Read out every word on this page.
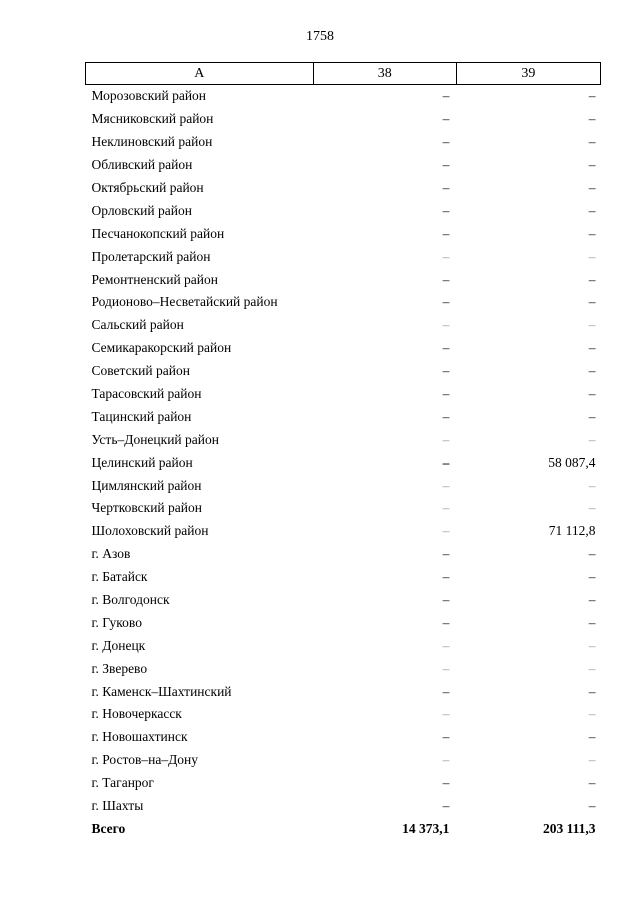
1758
А	38	39
Морозовский район	–	–
Мясниковский район	–	–
Неклиновский район	–	–
Обливский район	–	–
Октябрьский район	–	–
Орловский район	–	–
Песчанокопский район	–	–
Пролетарский район	–	–
Ремонтненский район	–	–
Родионово–Несветайский район	–	–
Сальский район	–	–
Семикаракорский район	–	–
Советский район	–	–
Тарасовский район	–	–
Тацинский район	–	–
Усть–Донецкий район	–	–
Целинский район	–	58 087,4
Цимлянский район	–	–
Чертковский район	–	–
Шолоховский район	–	71 112,8
г. Азов	–	–
г. Батайск	–	–
г. Волгодонск	–	–
г. Гуково	–	–
г. Донецк	–	–
г. Зверево	–	–
г. Каменск–Шахтинский	–	–
г. Новочеркасск	–	–
г. Новошахтинск	–	–
г. Ростов–на–Дону	–	–
г. Таганрог	–	–
г. Шахты	–	–
Всего	14 373,1	203 111,3
